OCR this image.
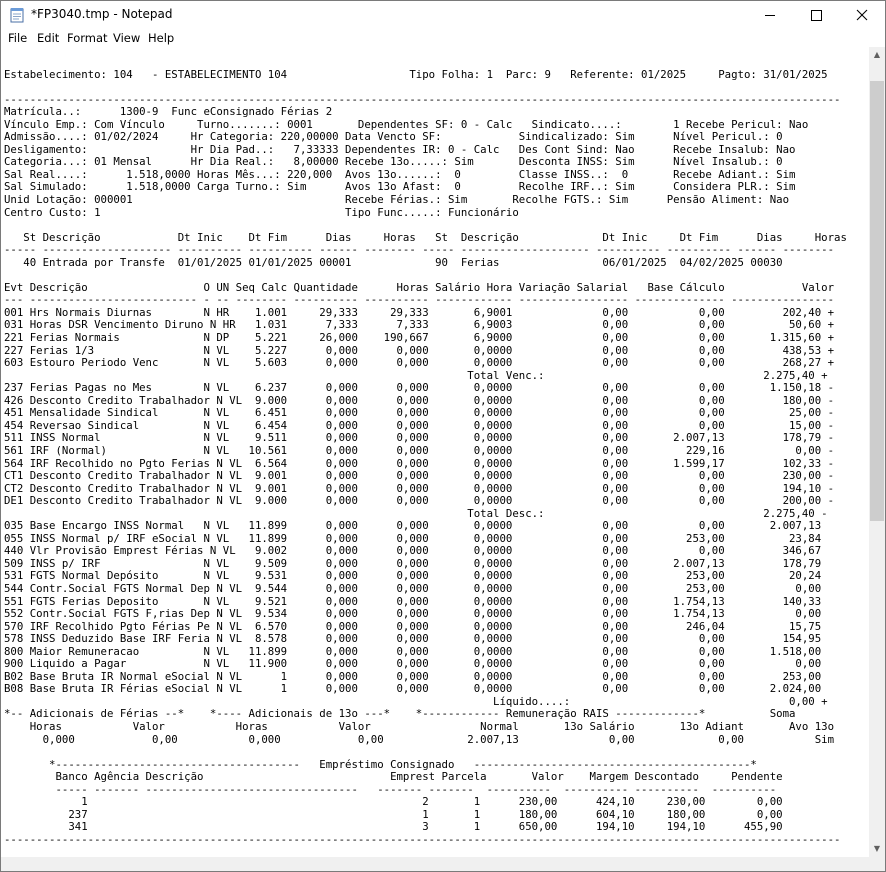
*FP3040.tmp - Notepad
File Edit Format View Help

Estabelecimento: 104   - ESTABELECIMENTO 104                   Tipo Folha: 1  Parc: 9   Referente: 01/2025     Pagto: 31/01/2025

----------------------------------------------------------------------------------------------------------------------------------
Matrícula..:      1300-9  Func eConsignado Férias 2
Vínculo Emp.: Com Vínculo     Turno.......: 0001       Dependentes SF: 0 - Calc   Sindicato....:        1 Recebe Pericul: Nao
Admissão....: 01/02/2024     Hr Categoria: 220,00000 Data Vencto SF:            Sindicalizado: Sim      Nível Pericul.: 0
Desligamento:                Hr Dia Pad..:   7,33333 Dependentes IR: 0 - Calc   Des Cont Sind: Nao      Recebe Insalub: Nao
Categoria...: 01 Mensal      Hr Dia Real.:   8,00000 Recebe 13o.....: Sim       Desconta INSS: Sim      Nível Insalub.: 0
Sal Real....:      1.518,0000 Horas Mês...: 220,000  Avos 13o......:  0         Classe INSS..:  0       Recebe Adiant.: Sim
Sal Simulado:      1.518,0000 Carga Turno.: Sim      Avos 13o Afast:  0         Recolhe IRF..: Sim      Considera PLR.: Sim
Unid Lotação: 000001                                 Recebe Férias.: Sim       Recolhe FGTS.: Sim      Pensão Aliment: Nao
Centro Custo: 1                                      Tipo Func.....: Funcionário

St Descrição            Dt Inic    Dt Fim      Dias     Horas   St  Descrição             Dt Inic     Dt Fim      Dias     Horas
----- -------------------- ---------- ---------- ------ -------- ----- -------------------- ---------- ---------- ------ --------
40 Entrada por Transfe  01/01/2025 01/01/2025 00001             90  Ferias                06/01/2025  04/02/2025 00030

Evt Descrição                  O UN Seq Calc Quantidade      Horas Salário Hora Variação Salarial   Base Cálculo            Valor
--- -------------------------- - -- -------- ---------- ---------- ------------ ----------------- -------------- ----------------
001 Hrs Normais Diurnas        N HR    1.001     29,333     29,333       6,9001              0,00           0,00         202,40 +
031 Horas DSR Vencimento Diruno N HR   1.031      7,333      7,333       6,9003              0,00           0,00          50,60 +
221 Ferias Normais             N DP    5.221     26,000    190,667       6,9000              0,00           0,00       1.315,60 +
227 Ferias 1/3                 N VL    5.227      0,000      0,000       0,0000              0,00           0,00         438,53 +
603 Estouro Periodo Venc       N VL    5.603      0,000      0,000       0,0000              0,00           0,00         268,27 +
Total Venc.:                                  2.275,40 +
237 Ferias Pagas no Mes        N VL    6.237      0,000      0,000       0,0000              0,00           0,00       1.150,18 -
426 Desconto Credito Trabalhador N VL  9.000      0,000      0,000       0,0000              0,00           0,00         180,00 -
451 Mensalidade Sindical       N VL    6.451      0,000      0,000       0,0000              0,00           0,00          25,00 -
454 Reversao Sindical          N VL    6.454      0,000      0,000       0,0000              0,00           0,00          15,00 -
511 INSS Normal                N VL    9.511      0,000      0,000       0,0000              0,00       2.007,13         178,79 -
561 IRF (Normal)               N VL   10.561      0,000      0,000       0,0000              0,00         229,16           0,00 -
564 IRF Recolhido no Pgto Ferias N VL  6.564      0,000      0,000       0,0000              0,00       1.599,17         102,33 -
CT1 Desconto Credito Trabalhador N VL  9.001      0,000      0,000       0,0000              0,00           0,00         230,00 -
CT2 Desconto Credito Trabalhador N VL  9.001      0,000      0,000       0,0000              0,00           0,00         194,10 -
DE1 Desconto Credito Trabalhador N VL  9.000      0,000      0,000       0,0000              0,00           0,00         200,00 -
Total Desc.:                                  2.275,40 -
035 Base Encargo INSS Normal   N VL   11.899      0,000      0,000       0,0000              0,00           0,00       2.007,13
055 INSS Normal p/ IRF eSocial N VL   11.899      0,000      0,000       0,0000              0,00         253,00          23,84
440 Vlr Provisão Emprest Férias N VL   9.002      0,000      0,000       0,0000              0,00           0,00         346,67
509 INSS p/ IRF                N VL    9.509      0,000      0,000       0,0000              0,00       2.007,13         178,79
531 FGTS Normal Depósito       N VL    9.531      0,000      0,000       0,0000              0,00         253,00          20,24
544 Contr.Social FGTS Normal Dep N VL  9.544      0,000      0,000       0,0000              0,00         253,00           0,00
551 FGTS Ferias Deposito       N VL    9.521      0,000      0,000       0,0000              0,00       1.754,13         140,33
552 Contr.Social FGTS F,rias Dep N VL  9.534      0,000      0,000       0,0000              0,00       1.754,13           0,00
570 IRF Recolhido Pgto Férias Pe N VL  6.570      0,000      0,000       0,0000              0,00         246,04          15,75
578 INSS Deduzido Base IRF Feria N VL  8.578      0,000      0,000       0,0000              0,00           0,00         154,95
800 Maior Remuneracao          N VL   11.899      0,000      0,000       0,0000              0,00           0,00       1.518,00
900 Liquido a Pagar            N VL   11.900      0,000      0,000       0,0000              0,00           0,00           0,00
B02 Base Bruta IR Normal eSocial N VL      1      0,000      0,000       0,0000              0,00           0,00         253,00
B08 Base Bruta IR Férias eSocial N VL      1      0,000      0,000       0,0000              0,00           0,00       2.024,00
Líquido....:                                  0,00 +
*-- Adicionais de Férias --*    *---- Adicionais de 13o ---*    *------------ Remuneração RAIS -------------*          Soma
Horas           Valor           Horas           Valor                 Normal       13o Salário       13o Adiant       Avo 13o
0,000            0,00           0,000            0,00             2.007,13              0,00             0,00           Sim

*--------------------------------------   Empréstimo Consignado   -------------------------------------------*
Banco Agência Descrição                             Emprest Parcela       Valor    Margem Descontado     Pendente
----- ------- ---------------------------------   ------- -------  ----------  ---------- ----------  ----------
1                                                    2       1      230,00      424,10     230,00        0,00
237                                                    1       1      180,00      604,10     180,00        0,00
341                                                    3       1      650,00      194,10     194,10      455,90
----------------------------------------------------------------------------------------------------------------------------------

▲
▼
